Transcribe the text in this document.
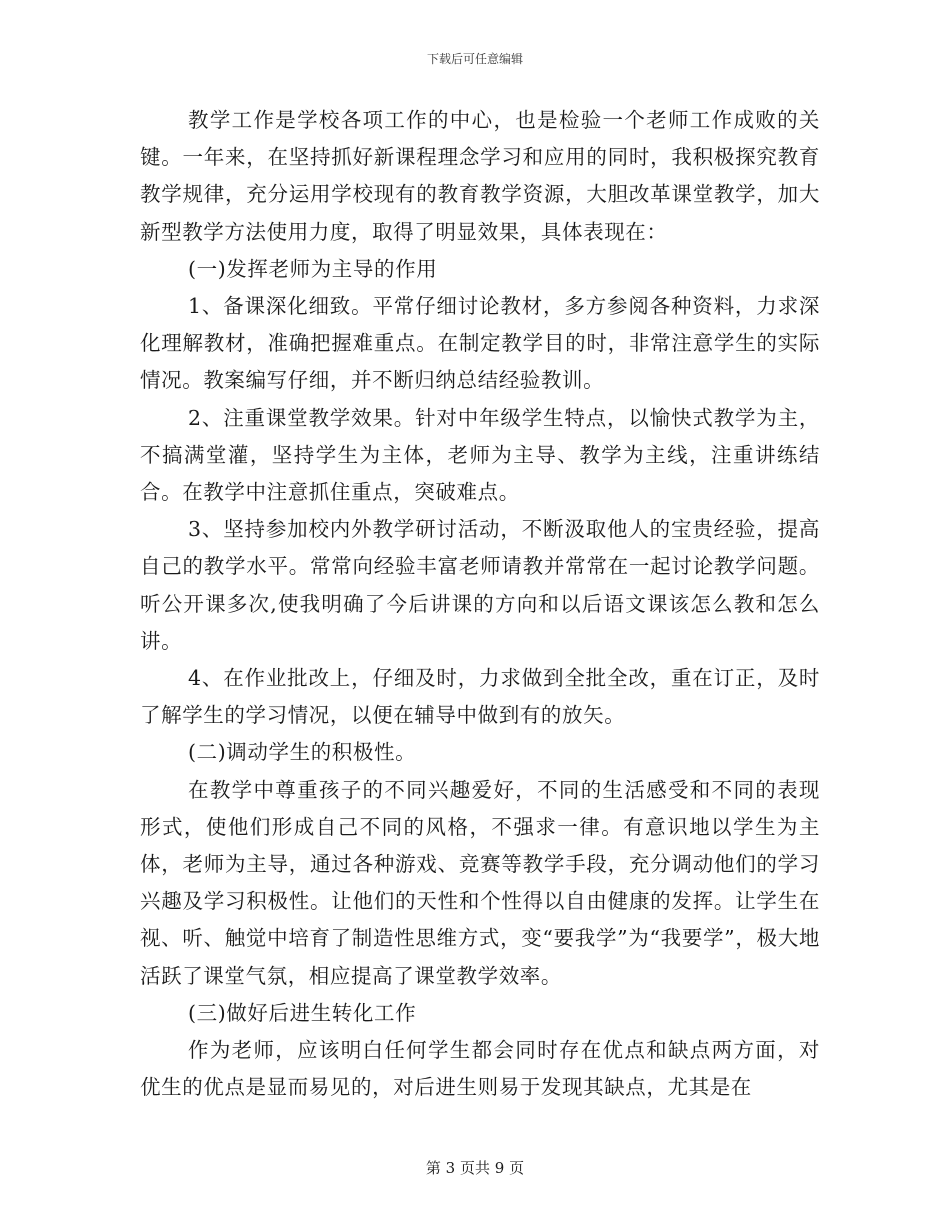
下载后可任意编辑

教学工作是学校各项工作的中心，也是检验一个老师工作成败的关键。一年来，在坚持抓好新课程理念学习和应用的同时，我积极探究教育教学规律，充分运用学校现有的教育教学资源，大胆改革课堂教学，加大新型教学方法使用力度，取得了明显效果，具体表现在：

(一)发挥老师为主导的作用

1、备课深化细致。平常仔细讨论教材，多方参阅各种资料，力求深化理解教材，准确把握难重点。在制定教学目的时，非常注意学生的实际情况。教案编写仔细，并不断归纳总结经验教训。

2、注重课堂教学效果。针对中年级学生特点，以愉快式教学为主，不搞满堂灌，坚持学生为主体，老师为主导、教学为主线，注重讲练结合。在教学中注意抓住重点，突破难点。

3、坚持参加校内外教学研讨活动，不断汲取他人的宝贵经验，提高自己的教学水平。常常向经验丰富老师请教并常常在一起讨论教学问题。听公开课多次,使我明确了今后讲课的方向和以后语文课该怎么教和怎么讲。

4、在作业批改上，仔细及时，力求做到全批全改，重在订正，及时了解学生的学习情况，以便在辅导中做到有的放矢。

(二)调动学生的积极性。

在教学中尊重孩子的不同兴趣爱好，不同的生活感受和不同的表现形式，使他们形成自己不同的风格，不强求一律。有意识地以学生为主体，老师为主导，通过各种游戏、竞赛等教学手段，充分调动他们的学习兴趣及学习积极性。让他们的天性和个性得以自由健康的发挥。让学生在视、听、触觉中培育了制造性思维方式，变“要我学”为“我要学”，极大地活跃了课堂气氛，相应提高了课堂教学效率。

(三)做好后进生转化工作

作为老师，应该明白任何学生都会同时存在优点和缺点两方面，对优生的优点是显而易见的，对后进生则易于发现其缺点，尤其是在

第 3 页共 9 页
